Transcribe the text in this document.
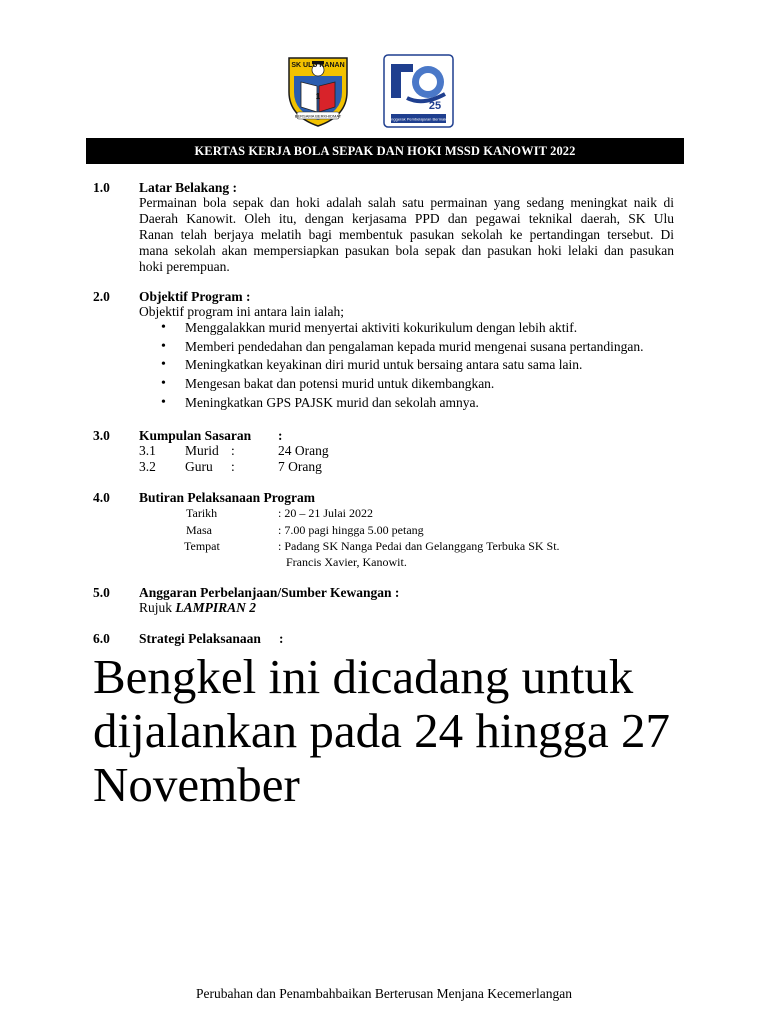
SK ULU RANAN
1
BERSAMA BERKHIDMAT
25
Penggerak Pembelajaran Bermakna
KERTAS KERJA BOLA SEPAK DAN HOKI MSSD KANOWIT 2022
1.0 Latar Belakang :
Permainan bola sepak dan hoki adalah salah satu permainan yang sedang meningkat naik di
Daerah Kanowit. Oleh itu, dengan kerjasama PPD dan pegawai teknikal daerah, SK Ulu
Ranan telah berjaya melatih bagi membentuk pasukan sekolah ke pertandingan tersebut. Di
mana sekolah akan mempersiapkan pasukan bola sepak dan pasukan hoki lelaki dan pasukan
hoki perempuan.
2.0 Objektif Program :
Objektif program ini antara lain ialah;
• Menggalakkan murid menyertai aktiviti kokurikulum dengan lebih aktif.
• Memberi pendedahan dan pengalaman kepada murid mengenai susana pertandingan.
• Meningkatkan keyakinan diri murid untuk bersaing antara satu sama lain.
• Mengesan bakat dan potensi murid untuk dikembangkan.
• Meningkatkan GPS PAJSK murid dan sekolah amnya.
3.0 Kumpulan Sasaran :
3.1 Murid :	24 Orang
3.2 Guru :	7 Orang
4.0 Butiran Pelaksanaan Program
Tarikh	: 20 – 21 Julai 2022
Masa	: 7.00 pagi hingga 5.00 petang
Tempat	: Padang SK Nanga Pedai dan Gelanggang Terbuka SK St.
Francis Xavier, Kanowit.
5.0 Anggaran Perbelanjaan/Sumber Kewangan :
Rujuk LAMPIRAN 2
6.0 Strategi Pelaksanaan :
Bengkel ini dicadang untuk dijalankan pada 24 hingga 27 November
Perubahan dan Penambahbaikan Berterusan Menjana Kecemerlangan
